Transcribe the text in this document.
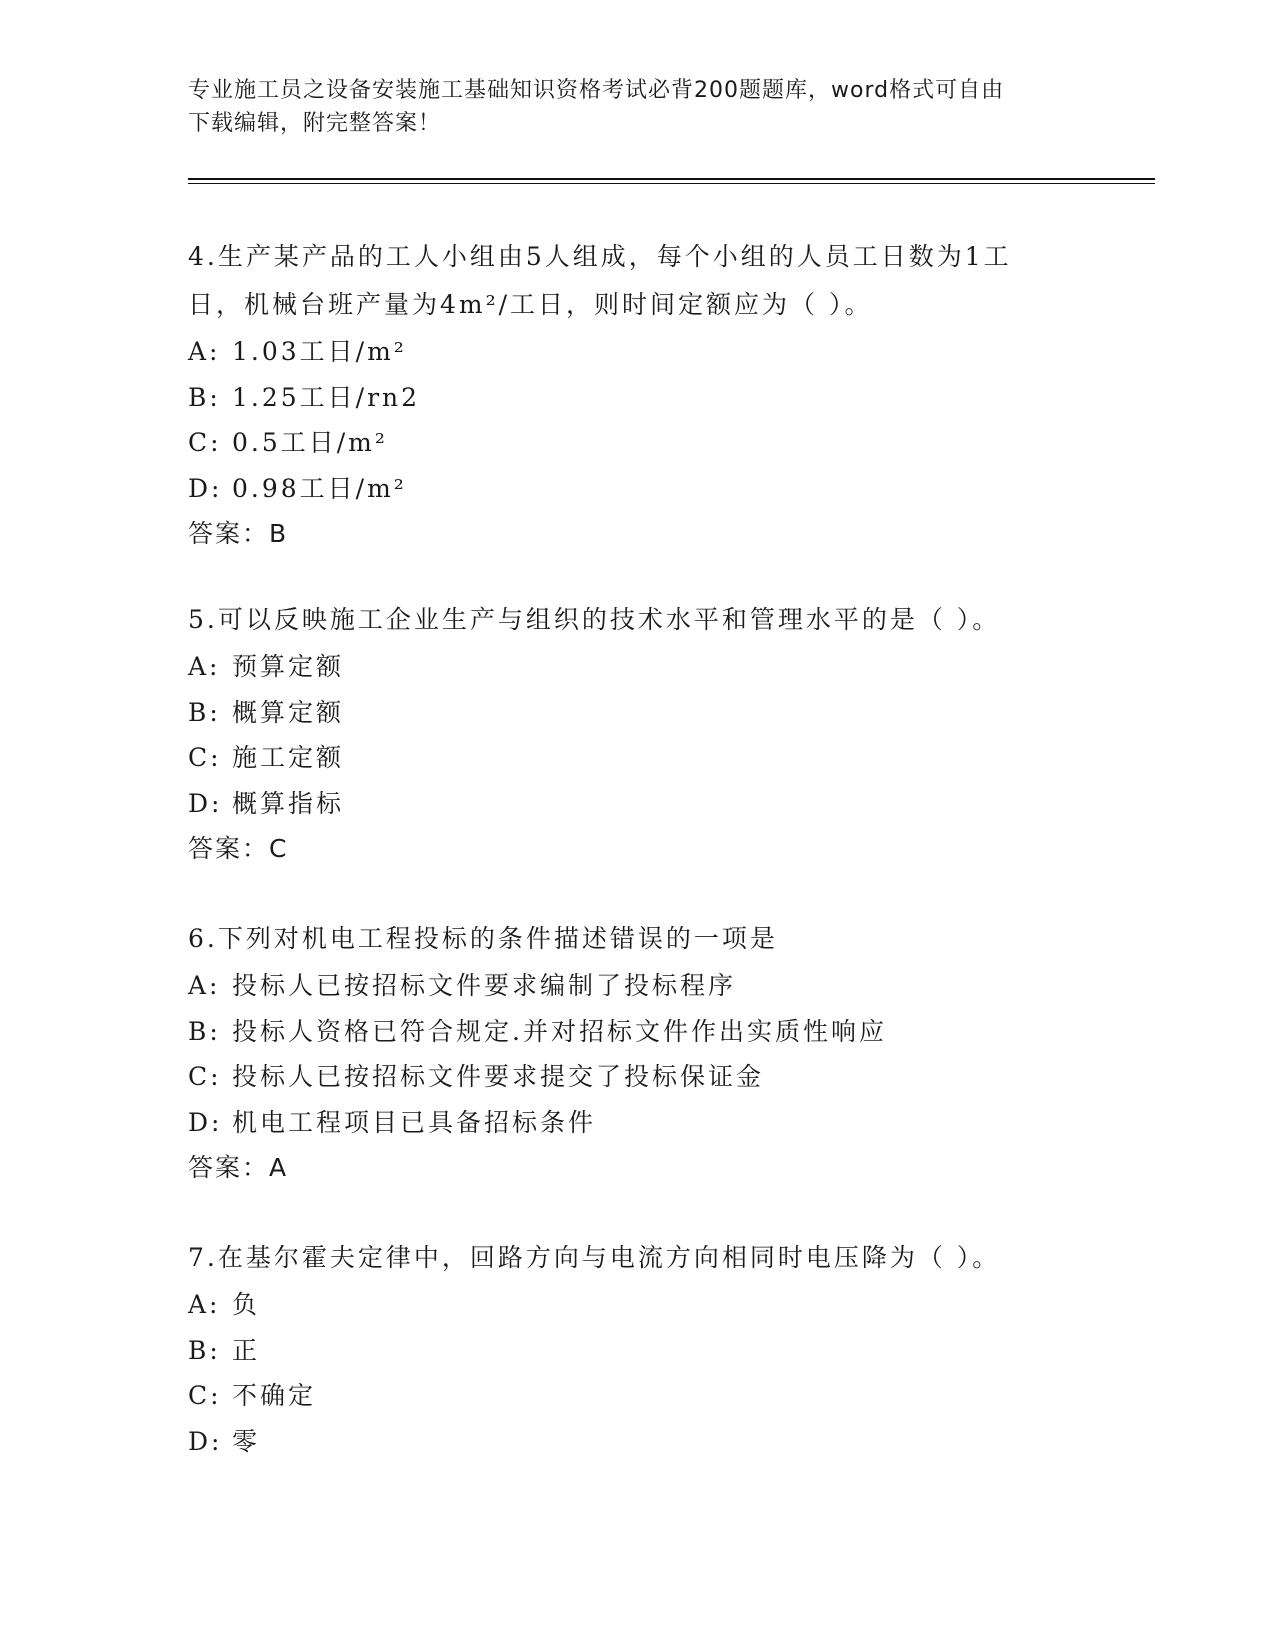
专业施工员之设备安装施工基础知识资格考试必背200题题库，word格式可自由
下载编辑，附完整答案！

4.生产某产品的工人小组由5人组成，每个小组的人员工日数为1工

日，机械台班产量为4m²/工日，则时间定额应为（ ）。

A: 1.03工日/m²

B: 1.25工日/rn2

C: 0.5工日/m²

D: 0.98工日/m²

答案：B

5.可以反映施工企业生产与组织的技术水平和管理水平的是（ ）。

A: 预算定额

B: 概算定额

C: 施工定额

D: 概算指标

答案：C

6.下列对机电工程投标的条件描述错误的一项是

A: 投标人已按招标文件要求编制了投标程序

B: 投标人资格已符合规定.并对招标文件作出实质性响应

C: 投标人已按招标文件要求提交了投标保证金

D: 机电工程项目已具备招标条件

答案：A

7.在基尔霍夫定律中，回路方向与电流方向相同时电压降为（ ）。

A: 负

B: 正

C: 不确定

D: 零
